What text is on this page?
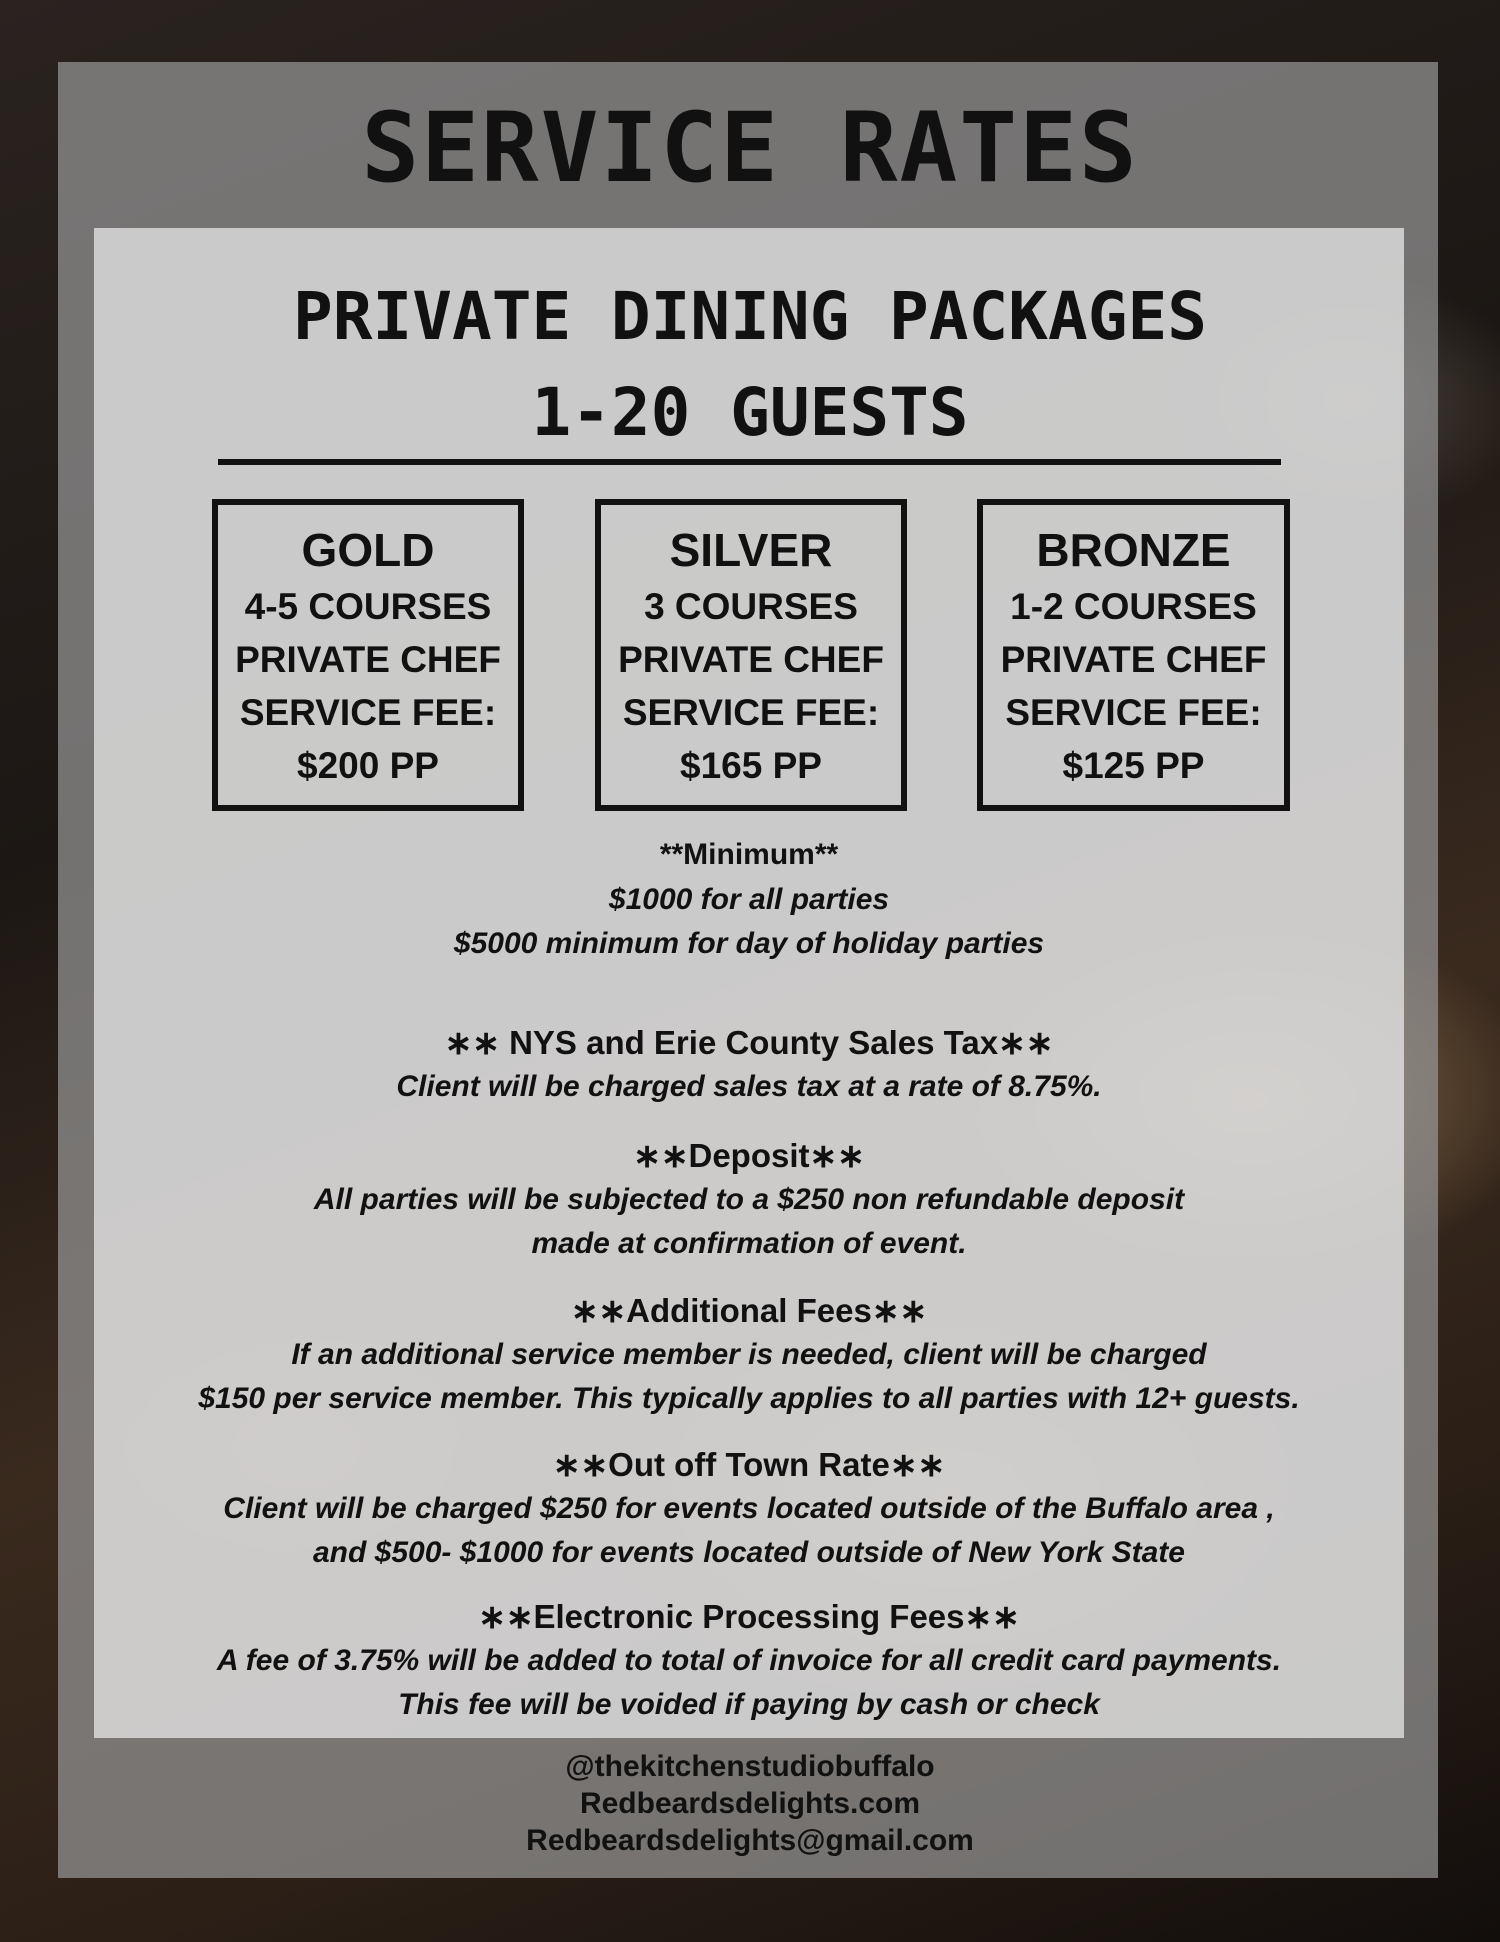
SERVICE RATES
PRIVATE DINING PACKAGES
1-20 GUESTS
GOLD
4-5 COURSES
PRIVATE CHEF
SERVICE FEE:
$200 PP
SILVER
3 COURSES
PRIVATE CHEF
SERVICE FEE:
$165 PP
BRONZE
1-2 COURSES
PRIVATE CHEF
SERVICE FEE:
$125 PP
**Minimum**
$1000 for all parties
$5000 minimum for day of holiday parties
∗∗ NYS and Erie County Sales Tax∗∗
Client will be charged sales tax at a rate of 8.75%.
∗∗Deposit∗∗
All parties will be subjected to a $250 non refundable deposit
made at confirmation of event.
∗∗Additional Fees∗∗
If an additional service member is needed, client will be charged
$150 per service member. This typically applies to all parties with 12+ guests.
∗∗Out off Town Rate∗∗
Client will be charged $250 for events located outside of the Buffalo area ,
and $500- $1000 for events located outside of New York State
∗∗Electronic Processing Fees∗∗
A fee of 3.75% will be added to total of invoice for all credit card payments.
This fee will be voided if paying by cash or check
@thekitchenstudiobuffalo
Redbeardsdelights.com
Redbeardsdelights@gmail.com
